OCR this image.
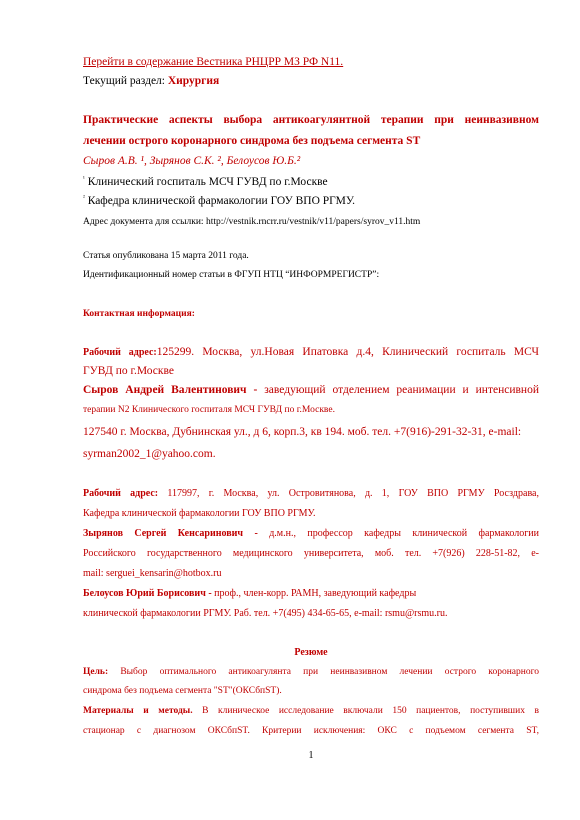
Перейти в содержание Вестника РНЦРР МЗ РФ N11.
Текущий раздел: Хирургия
Практические аспекты выбора антикоагулянтной терапии при неинвазивном
лечении острого коронарного синдрома без подъема сегмента ST
Сыров А.В. ¹, Зырянов С.К. ², Белоусов Ю.Б.²
$^{^1}$ Клинический госпиталь МСЧ ГУВД по г.Москве
$^{^2}$ Кафедра клинической фармакологии ГОУ ВПО РГМУ.
Адрес документа для ссылки: http://vestnik.rncrr.ru/vestnik/v11/papers/syrov_v11.htm
Статья опубликована 15 марта 2011 года.
Идентификационный номер статьи в ФГУП НТЦ “ИНФОРМРЕГИСТР”:
Контактная информация:
Рабочий адрес:125299. Москва, ул.Новая Ипатовка д.4, Клинический госпиталь МСЧ
ГУВД по г.Москве
Сыров Андрей Валентинович - заведующий отделением реанимации и интенсивной
терапии N2 Клинического госпиталя МСЧ ГУВД по г.Москве.
127540 г. Москва, Дубнинская ул., д 6, корп.3, кв 194. моб. тел. +7(916)-291-32-31, e-mail:
syrman2002_1@yahoo.com.
Рабочий адрес: 117997, г. Москва, ул. Островитянова, д. 1, ГОУ ВПО РГМУ Росздрава,
Кафедра клинической фармакологии ГОУ ВПО РГМУ.
Зырянов Сергей Кенсаринович - д.м.н., профессор кафедры клинической фармакологии
Российского государственного медицинского университета, моб. тел. +7(926) 228-51-82, e-
mail: serguei_kensarin@hotbox.ru
Белоусов Юрий Борисович - проф., член-корр. РАМН, заведующий кафедры
клинической фармакологии РГМУ. Раб. тел. +7(495) 434-65-65, e-mail: rsmu@rsmu.ru.
Резюме
Цель: Выбор оптимального антикоагулянта при неинвазивном лечении острого коронарного
синдрома без подъема сегмента "ST"(ОКСбпST).
Материалы и методы. В клиническое исследование включали 150 пациентов, поступивших в
стационар с диагнозом ОКСбпST. Критерии исключения: ОКС с подъемом сегмента ST,
1
